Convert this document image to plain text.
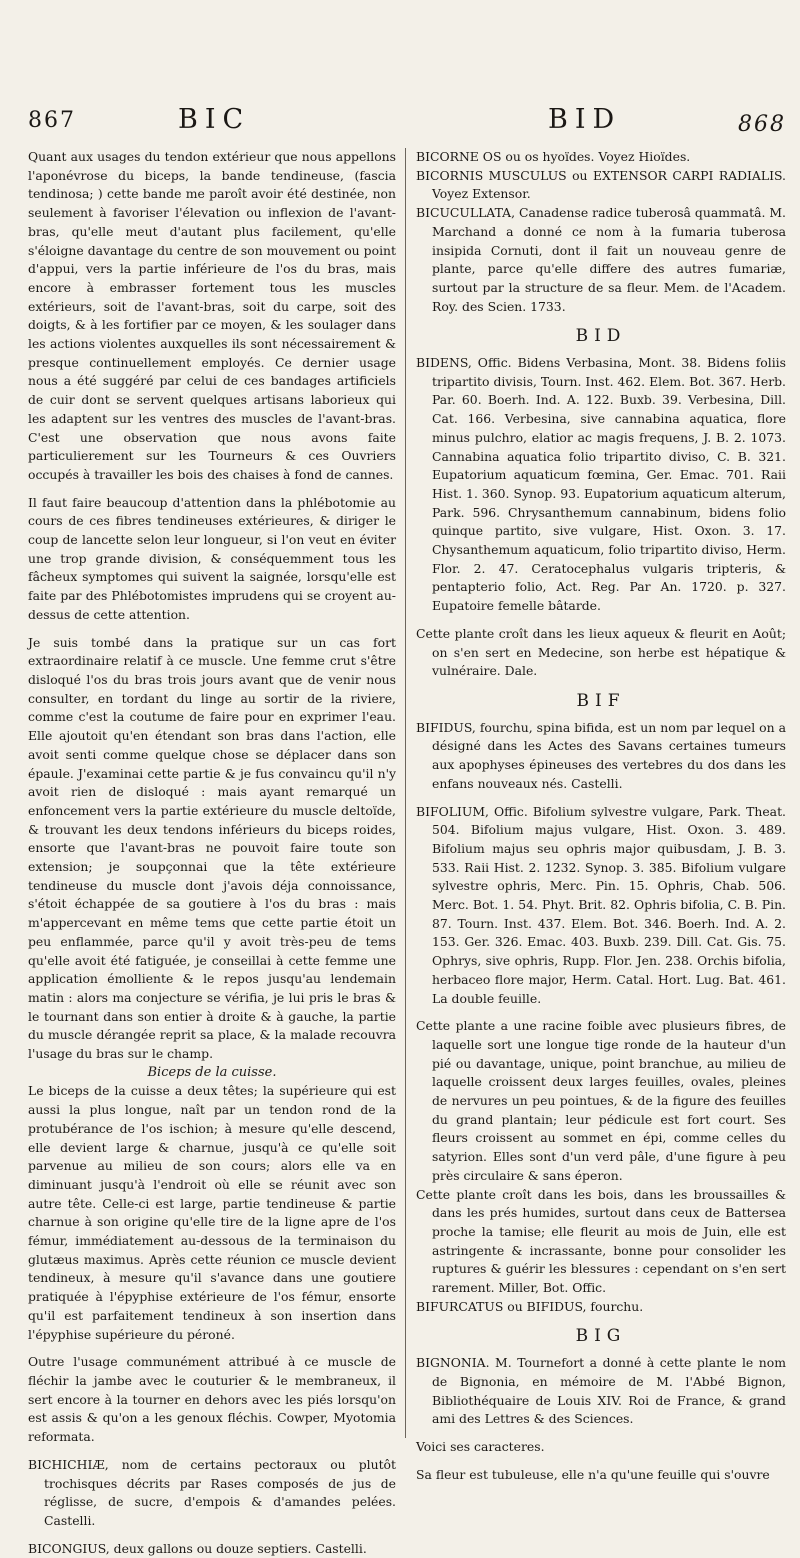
867	BIC	BID	868

Quant aux usages du tendon extérieur que nous appellons l'aponévrose du biceps, la bande tendineuse, (fascia tendinosa; ) cette bande me paroît avoir été destinée, non seulement à favoriser l'élevation ou inflexion de l'avant-bras, qu'elle meut d'autant plus facilement, qu'elle s'éloigne davantage du centre de son mouvement ou point d'appui, vers la partie inférieure de l'os du bras, mais encore à embrasser fortement tous les muscles extérieurs, soit de l'avant-bras, soit du carpe, soit des doigts, & à les fortifier par ce moyen, & les soulager dans les actions violentes auxquelles ils sont nécessairement & presque continuellement employés. Ce dernier usage nous a été suggéré par celui de ces bandages artificiels de cuir dont se servent quelques artisans laborieux qui les adaptent sur les ventres des muscles de l'avant-bras. C'est une observation que nous avons faite particulierement sur les Tourneurs & ces Ouvriers occupés à travailler les bois des chaises à fond de cannes.

Il faut faire beaucoup d'attention dans la phlébotomie au cours de ces fibres tendineuses extérieures, & diriger le coup de lancette selon leur longueur, si l'on veut en éviter une trop grande division, & conséquemment tous les fâcheux symptomes qui suivent la saignée, lorsqu'elle est faite par des Phlébotomistes imprudens qui se croyent au-dessus de cette attention.

Je suis tombé dans la pratique sur un cas fort extraordinaire relatif à ce muscle. Une femme crut s'être disloqué l'os du bras trois jours avant que de venir nous consulter, en tordant du linge au sortir de la riviere, comme c'est la coutume de faire pour en exprimer l'eau. Elle ajoutoit qu'en étendant son bras dans l'action, elle avoit senti comme quelque chose se déplacer dans son épaule. J'examinai cette partie & je fus convaincu qu'il n'y avoit rien de disloqué : mais ayant remarqué un enfoncement vers la partie extérieure du muscle deltoïde, & trouvant les deux tendons inférieurs du biceps roides, ensorte que l'avant-bras ne pouvoit faire toute son extension; je soupçonnai que la tête extérieure tendineuse du muscle dont j'avois déja connoissance, s'étoit échappée de sa goutiere à l'os du bras : mais m'appercevant en même tems que cette partie étoit un peu enflammée, parce qu'il y avoit très-peu de tems qu'elle avoit été fatiguée, je conseillai à cette femme une application émolliente & le repos jusqu'au lendemain matin : alors ma conjecture se vérifia, je lui pris le bras & le tournant dans son entier à droite & à gauche, la partie du muscle dérangée reprit sa place, & la malade recouvra l'usage du bras sur le champ.

Biceps de la cuisse.

Le biceps de la cuisse a deux têtes; la supérieure qui est aussi la plus longue, naît par un tendon rond de la protubérance de l'os ischion; à mesure qu'elle descend, elle devient large & charnue, jusqu'à ce qu'elle soit parvenue au milieu de son cours; alors elle va en diminuant jusqu'à l'endroit où elle se réunit avec son autre tête. Celle-ci est large, partie tendineuse & partie charnue à son origine qu'elle tire de la ligne apre de l'os fémur, immédiatement au-dessous de la terminaison du glutæus maximus. Après cette réunion ce muscle devient tendineux, à mesure qu'il s'avance dans une goutiere pratiquée à l'épyphise extérieure de l'os fémur, ensorte qu'il est parfaitement tendineux à son insertion dans l'épyphise supérieure du péroné.

Outre l'usage communément attribué à ce muscle de fléchir la jambe avec le couturier & le membraneux, il sert encore à la tourner en dehors avec les piés lorsqu'on est assis & qu'on a les genoux fléchis. Cowper, Myotomia reformata.

BICHICHIÆ, nom de certains pectoraux ou plutôt trochisques décrits par Rases composés de jus de réglisse, de sucre, d'empois & d'amandes pelées. Castelli.

BICONGIUS, deux gallons ou douze septiers. Castelli.

BICORNE OS ou os hyoïdes. Voyez Hioïdes.

BICORNIS MUSCULUS ou EXTENSOR CARPI RADIALIS. Voyez Extensor.

BICUCULLATA, Canadense radice tuberosâ quammatâ. M. Marchand a donné ce nom à la fumaria tuberosa insipida Cornuti, dont il fait un nouveau genre de plante, parce qu'elle differe des autres fumariæ, surtout par la structure de sa fleur. Mem. de l'Academ. Roy. des Scien. 1733.

BID

BIDENS, Offic. Bidens Verbasina, Mont. 38. Bidens foliis tripartito divisis, Tourn. Inst. 462. Elem. Bot. 367. Herb. Par. 60. Boerh. Ind. A. 122. Buxb. 39. Verbesina, Dill. Cat. 166. Verbesina, sive cannabina aquatica, flore minus pulchro, elatior ac magis frequens, J. B. 2. 1073. Cannabina aquatica folio tripartito diviso, C. B. 321. Eupatorium aquaticum fœmina, Ger. Emac. 701. Raii Hist. 1. 360. Synop. 93. Eupatorium aquaticum alterum, Park. 596. Chrysanthemum cannabinum, bidens folio quinque partito, sive vulgare, Hist. Oxon. 3. 17. Chysanthemum aquaticum, folio tripartito diviso, Herm. Flor. 2. 47. Ceratocephalus vulgaris tripteris, & pentapterio folio, Act. Reg. Par An. 1720. p. 327. Eupatoire femelle bâtarde.

Cette plante croît dans les lieux aqueux & fleurit en Août; on s'en sert en Medecine, son herbe est hépatique & vulnéraire. Dale.

BIF

BIFIDUS, fourchu, spina bifida, est un nom par lequel on a désigné dans les Actes des Savans certaines tumeurs aux apophyses épineuses des vertebres du dos dans les enfans nouveaux nés. Castelli.

BIFOLIUM, Offic. Bifolium sylvestre vulgare, Park. Theat. 504. Bifolium majus vulgare, Hist. Oxon. 3. 489. Bifolium majus seu ophris major quibusdam, J. B. 3. 533. Raii Hist. 2. 1232. Synop. 3. 385. Bifolium vulgare sylvestre ophris, Merc. Pin. 15. Ophris, Chab. 506. Merc. Bot. 1. 54. Phyt. Brit. 82. Ophris bifolia, C. B. Pin. 87. Tourn. Inst. 437. Elem. Bot. 346. Boerh. Ind. A. 2. 153. Ger. 326. Emac. 403. Buxb. 239. Dill. Cat. Gis. 75. Ophrys, sive ophris, Rupp. Flor. Jen. 238. Orchis bifolia, herbaceo flore major, Herm. Catal. Hort. Lug. Bat. 461. La double feuille.

Cette plante a une racine foible avec plusieurs fibres, de laquelle sort une longue tige ronde de la hauteur d'un pié ou davantage, unique, point branchue, au milieu de laquelle croissent deux larges feuilles, ovales, pleines de nervures un peu pointues, & de la figure des feuilles du grand plantain; leur pédicule est fort court. Ses fleurs croissent au sommet en épi, comme celles du satyrion. Elles sont d'un verd pâle, d'une figure à peu près circulaire & sans éperon.

Cette plante croît dans les bois, dans les broussailles & dans les prés humides, surtout dans ceux de Battersea proche la tamise; elle fleurit au mois de Juin, elle est astringente & incrassante, bonne pour consolider les ruptures & guérir les blessures : cependant on s'en sert rarement. Miller, Bot. Offic.

BIFURCATUS ou BIFIDUS, fourchu.

BIG

BIGNONIA. M. Tournefort a donné à cette plante le nom de Bignonia, en mémoire de M. l'Abbé Bignon, Bibliothéquaire de Louis XIV. Roi de France, & grand ami des Lettres & des Sciences.

Voici ses caracteres.

Sa fleur est tubuleuse, elle n'a qu'une feuille qui s'ouvre
